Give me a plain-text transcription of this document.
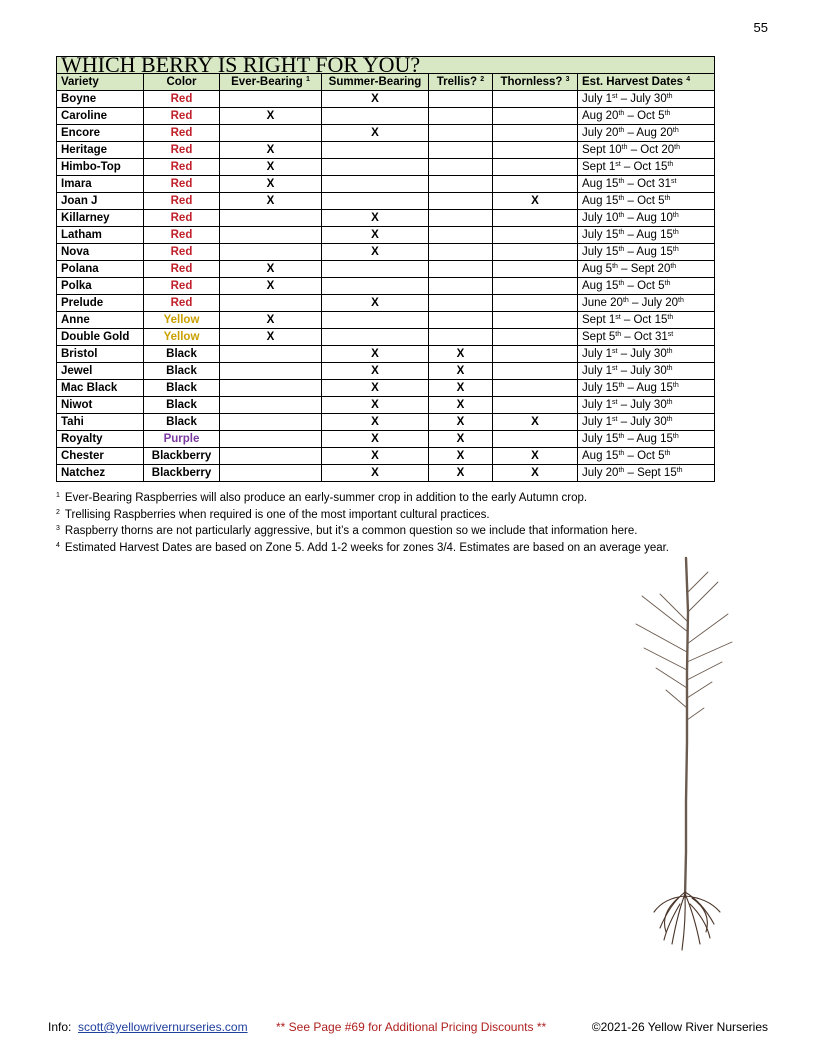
55
WHICH BERRY IS RIGHT FOR YOU?						
Variety	Color	Ever-Bearing $^1$	Summer-Bearing	Trellis? $^2$	Thornless? $^3$	Est. Harvest Dates $^4$
Boyne	Red		X			July 1st – July 30th
Caroline	Red	X				Aug 20th – Oct 5th
Encore	Red		X			July 20th – Aug 20th
Heritage	Red	X				Sept 10th – Oct 20th
Himbo-Top	Red	X				Sept 1st – Oct 15th
Imara	Red	X				Aug 15th – Oct 31st
Joan J	Red	X			X	Aug 15th – Oct 5th
Killarney	Red		X			July 10th – Aug 10th
Latham	Red		X			July 15th – Aug 15th
Nova	Red		X			July 15th – Aug 15th
Polana	Red	X				Aug 5th – Sept 20th
Polka	Red	X				Aug 15th – Oct 5th
Prelude	Red		X			June 20th – July 20th
Anne	Yellow	X				Sept 1st – Oct 15th
Double Gold	Yellow	X				Sept 5th – Oct 31st
Bristol	Black		X	X		July 1st – July 30th
Jewel	Black		X	X		July 1st – July 30th
Mac Black	Black		X	X		July 15th – Aug 15th
Niwot	Black		X	X		July 1st – July 30th
Tahi	Black		X	X	X	July 1st – July 30th
Royalty	Purple		X	X		July 15th – Aug 15th
Chester	Blackberry		X	X	X	Aug 15th – Oct 5th
Natchez	Blackberry		X	X	X	July 20th – Sept 15th
$^1$ Ever-Bearing Raspberries will also produce an early-summer crop in addition to the early Autumn crop.
$^2$ Trellising Raspberries when required is one of the most important cultural practices.
$^3$ Raspberry thorns are not particularly aggressive, but it’s a common question so we include that information here.
$^4$ Estimated Harvest Dates are based on Zone 5. Add 1-2 weeks for zones 3/4. Estimates are based on an average year.
Info: scott@yellowrivernurseries.com ** See Page #69 for Additional Pricing Discounts **	©2021-26 Yellow River Nurseries
